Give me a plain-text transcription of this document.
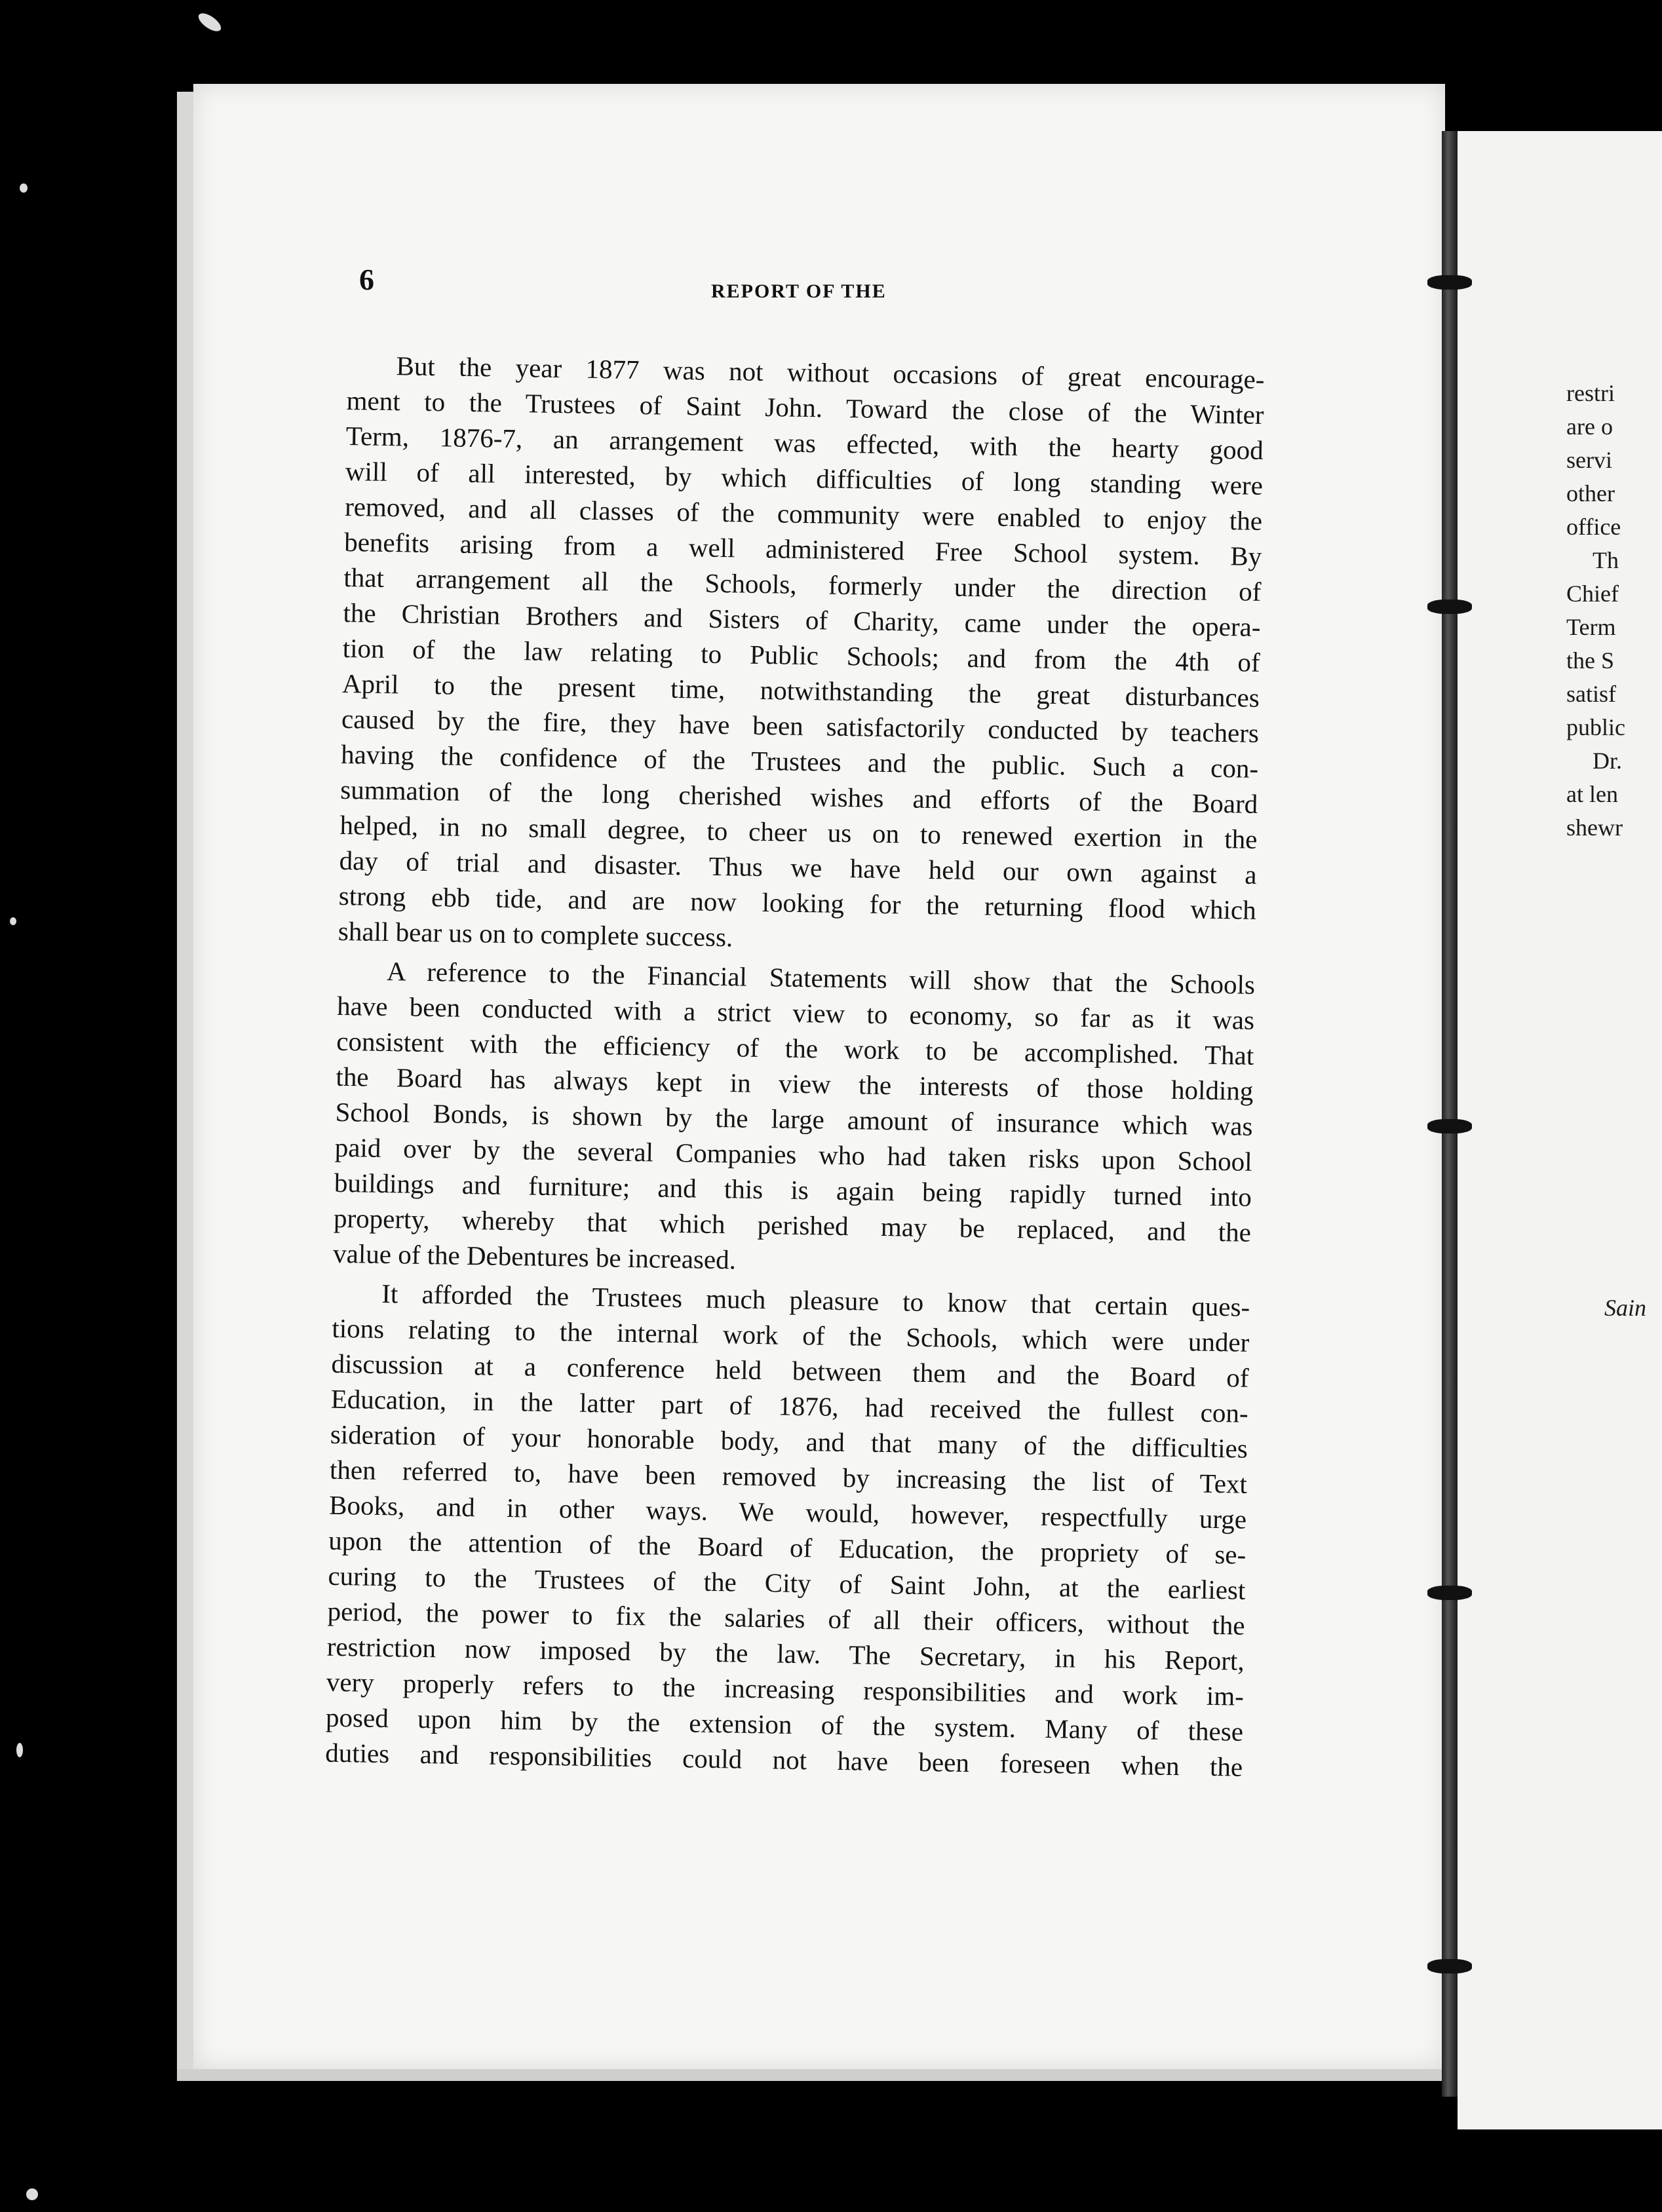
6	REPORT OF THE
But the year 1877 was not without occasions of great encourage-
ment to the Trustees of Saint John. Toward the close of the Winter
Term, 1876-7, an arrangement was effected, with the hearty good
will of all interested, by which difficulties of long standing were
removed, and all classes of the community were enabled to enjoy the
benefits arising from a well administered Free School system. By
that arrangement all the Schools, formerly under the direction of
the Christian Brothers and Sisters of Charity, came under the opera-
tion of the law relating to Public Schools; and from the 4th of
April to the present time, notwithstanding the great disturbances
caused by the fire, they have been satisfactorily conducted by teachers
having the confidence of the Trustees and the public. Such a con-
summation of the long cherished wishes and efforts of the Board
helped, in no small degree, to cheer us on to renewed exertion in the
day of trial and disaster. Thus we have held our own against a
strong ebb tide, and are now looking for the returning flood which
shall bear us on to complete success.
A reference to the Financial Statements will show that the Schools
have been conducted with a strict view to economy, so far as it was
consistent with the efficiency of the work to be accomplished. That
the Board has always kept in view the interests of those holding
School Bonds, is shown by the large amount of insurance which was
paid over by the several Companies who had taken risks upon School
buildings and furniture; and this is again being rapidly turned into
property, whereby that which perished may be replaced, and the
value of the Debentures be increased.
It afforded the Trustees much pleasure to know that certain ques-
tions relating to the internal work of the Schools, which were under
discussion at a conference held between them and the Board of
Education, in the latter part of 1876, had received the fullest con-
sideration of your honorable body, and that many of the difficulties
then referred to, have been removed by increasing the list of Text
Books, and in other ways. We would, however, respectfully urge
upon the attention of the Board of Education, the propriety of se-
curing to the Trustees of the City of Saint John, at the earliest
period, the power to fix the salaries of all their officers, without the
restriction now imposed by the law. The Secretary, in his Report,
very properly refers to the increasing responsibilities and work im-
posed upon him by the extension of the system. Many of these
duties and responsibilities could not have been foreseen when the
restri
are o
servi
other
office
Th
Chief
Term
the S
satisf
public
Dr.
at len
shewr
Sain
